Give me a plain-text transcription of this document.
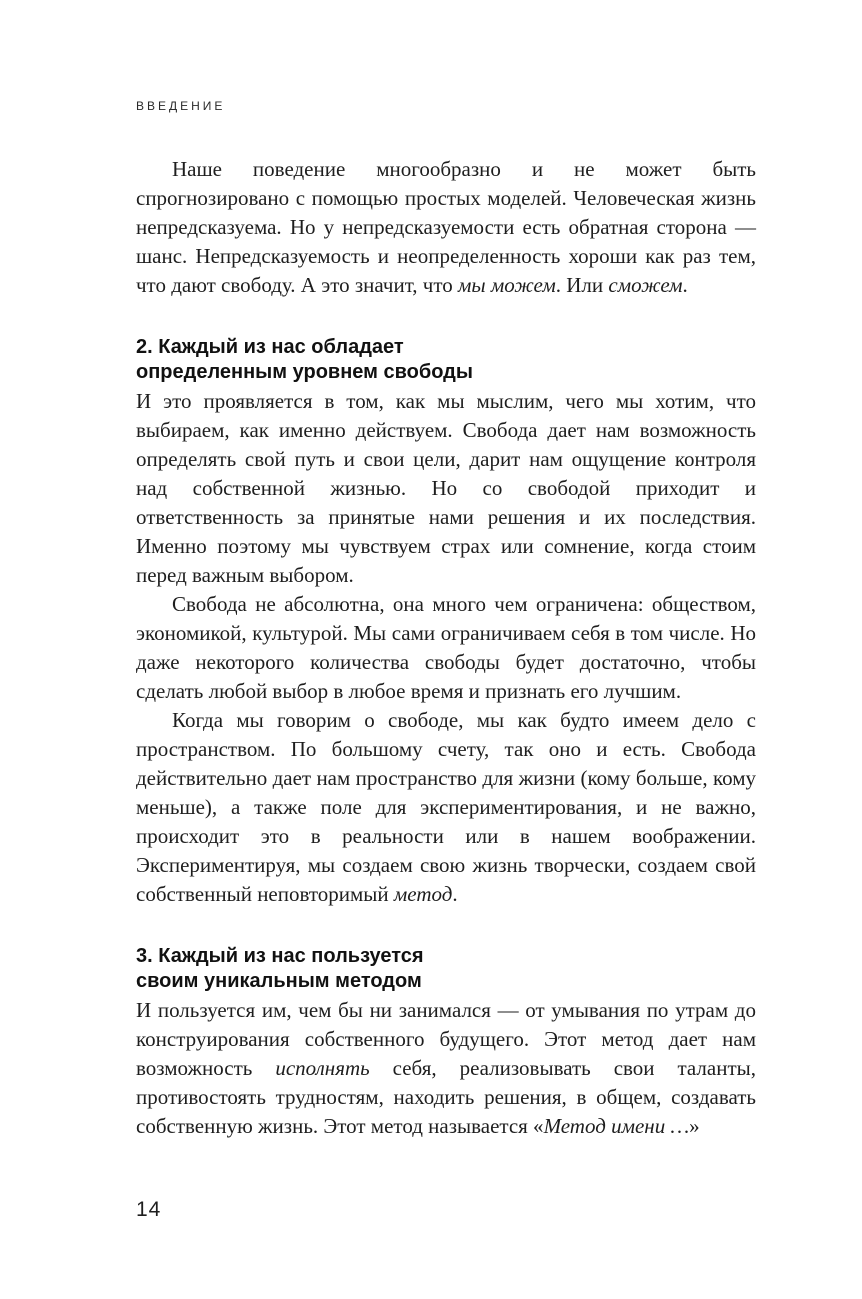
ВВЕДЕНИЕ

Наше поведение многообразно и не может быть спрогнозировано с помощью простых моделей. Человеческая жизнь непредсказуема. Но у непредсказуемости есть обратная сторона — шанс. Непредсказуемость и неопределенность хороши как раз тем, что дают свободу. А это значит, что мы можем. Или сможем.

2. Каждый из нас обладает
определенным уровнем свободы

И это проявляется в том, как мы мыслим, чего мы хотим, что выбираем, как именно действуем. Свобода дает нам возможность определять свой путь и свои цели, дарит нам ощущение контроля над собственной жизнью. Но со свободой приходит и ответственность за принятые нами решения и их последствия. Именно поэтому мы чувствуем страх или сомнение, когда стоим перед важным выбором.

Свобода не абсолютна, она много чем ограничена: обществом, экономикой, культурой. Мы сами ограничиваем себя в том числе. Но даже некоторого количества свободы будет достаточно, чтобы сделать любой выбор в любое время и признать его лучшим.

Когда мы говорим о свободе, мы как будто имеем дело с пространством. По большому счету, так оно и есть. Свобода действительно дает нам пространство для жизни (кому больше, кому меньше), а также поле для экспериментирования, и не важно, происходит это в реальности или в нашем воображении. Экспериментируя, мы создаем свою жизнь творчески, создаем свой собственный неповторимый метод.

3. Каждый из нас пользуется
своим уникальным методом

И пользуется им, чем бы ни занимался — от умывания по утрам до конструирования собственного будущего. Этот метод дает нам возможность исполнять себя, реализовывать свои таланты, противостоять трудностям, находить решения, в общем, создавать собственную жизнь. Этот метод называется «Метод имени …»

14
